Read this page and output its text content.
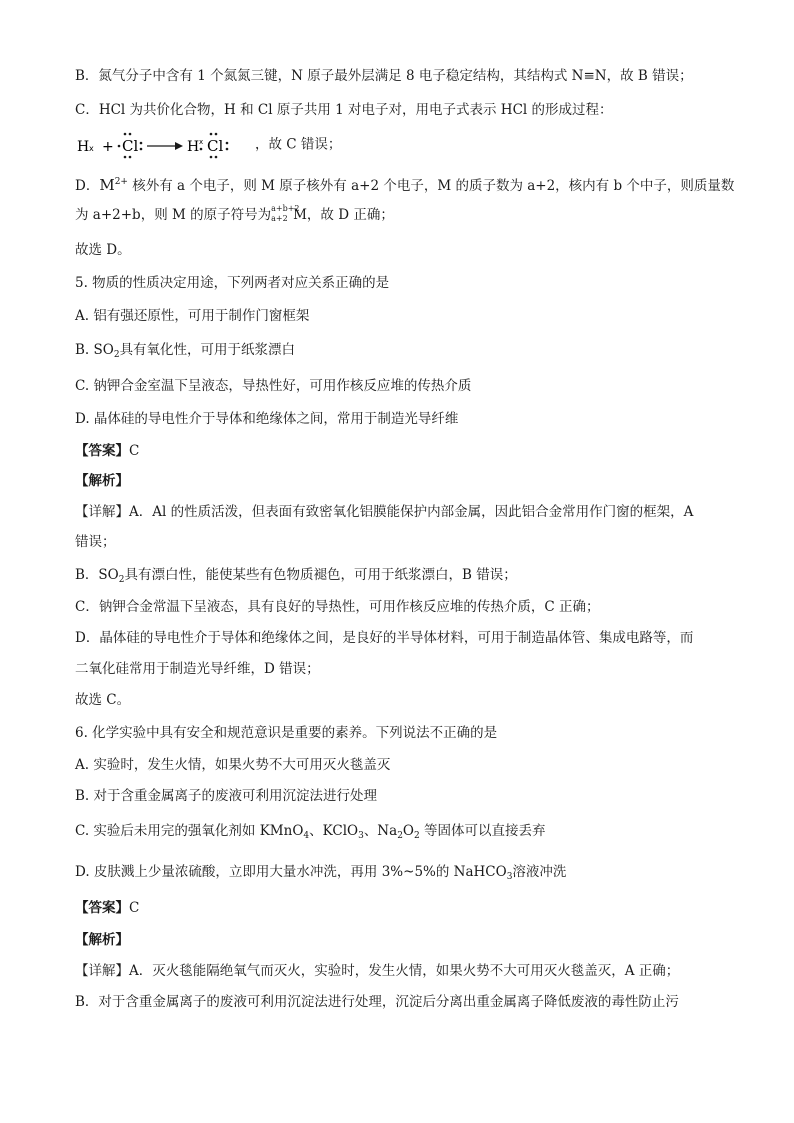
B．氮气分子中含有 1 个氮氮三键，N 原子最外层满足 8 电子稳定结构，其结构式 N≡N，故 B 错误；
C．HCl 为共价化合物，H 和 Cl 原子共用 1 对电子对，用电子式表示 HCl 的形成过程：
H x + Cl	H x Cl ，故 C 错误；
D．$M^{2+}$ 核外有 a 个电子，则 M 原子核外有 a+2 个电子，M 的质子数为 a+2，核内有 b 个中子，则质量数
为 a+2+b，则 M 的原子符号为 a+b+2
a+2 M，故 D 正确；
故选 D。
5. 物质的性质决定用途，下列两者对应关系正确的是
A. 铝有强还原性，可用于制作门窗框架
B. $SO_2$具有氧化性，可用于纸浆漂白
C. 钠钾合金室温下呈液态，导热性好，可用作核反应堆的传热介质
D. 晶体硅的导电性介于导体和绝缘体之间，常用于制造光导纤维
【答案】C
【解析】
【详解】A．Al 的性质活泼，但表面有致密氧化铝膜能保护内部金属，因此铝合金常用作门窗的框架，A
错误；
B．$SO_2$具有漂白性，能使某些有色物质褪色，可用于纸浆漂白，B 错误；
C．钠钾合金常温下呈液态，具有良好的导热性，可用作核反应堆的传热介质，C 正确；
D．晶体硅的导电性介于导体和绝缘体之间，是良好的半导体材料，可用于制造晶体管、集成电路等，而
二氧化硅常用于制造光导纤维，D 错误；
故选 C。
6. 化学实验中具有安全和规范意识是重要的素养。下列说法不正确的是
A. 实验时，发生火情，如果火势不大可用灭火毯盖灭
B. 对于含重金属离子的废液可利用沉淀法进行处理
C. 实验后未用完的强氧化剂如 KMnO$_4$、KClO$_3$、$Na_2O_2$ 等固体可以直接丢弃
D. 皮肤溅上少量浓硫酸，立即用大量水冲洗，再用 3%~5%的 NaHCO$_3$溶液冲洗
【答案】C
【解析】
【详解】A．灭火毯能隔绝氧气而灭火，实验时，发生火情，如果火势不大可用灭火毯盖灭，A 正确；
B．对于含重金属离子的废液可利用沉淀法进行处理，沉淀后分离出重金属离子降低废液的毒性防止污
